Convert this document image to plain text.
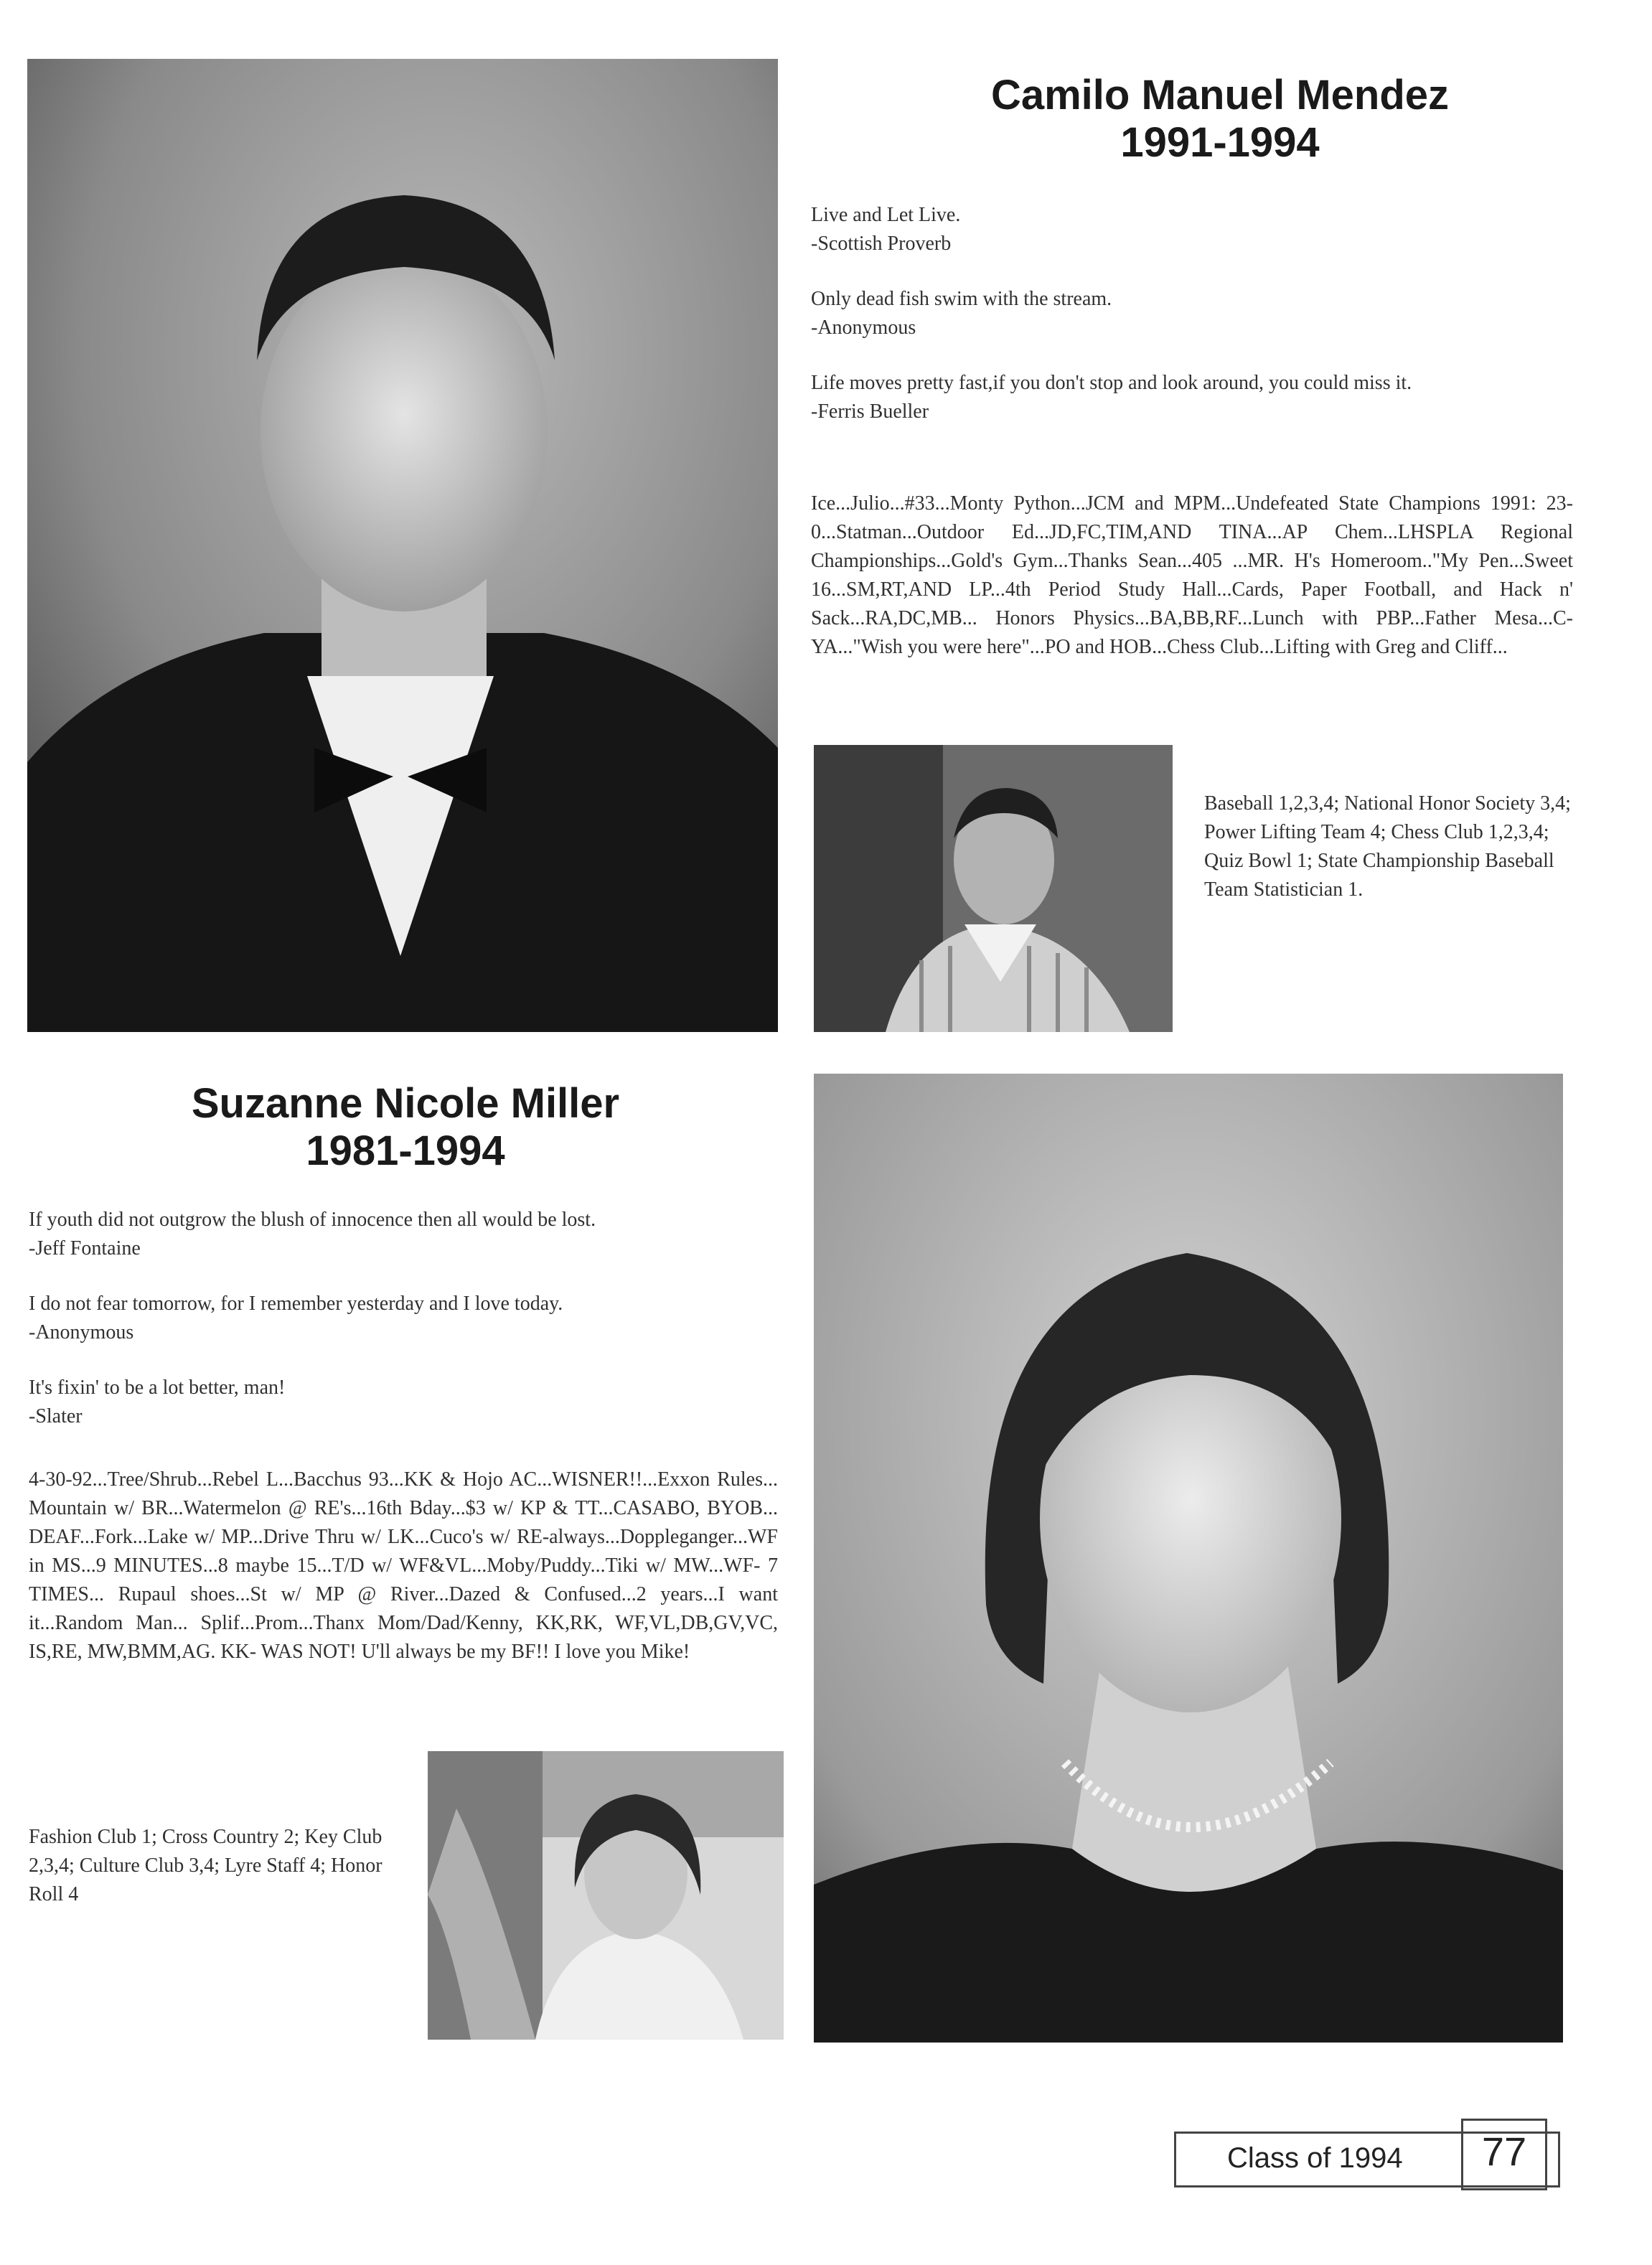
Camilo Manuel Mendez
1991-1994
Live and Let Live.
-Scottish Proverb
Only dead fish swim with the stream.
-Anonymous
Life moves pretty fast,if you don't stop and look around, you could miss it.
-Ferris Bueller
Ice...Julio...#33...Monty Python...JCM and MPM...Undefeated State Champions 1991: 23-0...Statman...Outdoor Ed...JD,FC,TIM,AND TINA...AP Chem...LHSPLA Regional Championships...Gold's Gym...Thanks Sean...405 ...MR. H's Homeroom.."My Pen...Sweet 16...SM,RT,AND LP...4th Period Study Hall...Cards, Paper Football, and Hack n' Sack...RA,DC,MB... Honors Physics...BA,BB,RF...Lunch with PBP...Father Mesa...C-YA..."Wish you were here"...PO and HOB...Chess Club...Lifting with Greg and Cliff...
Baseball 1,2,3,4; National Honor Society 3,4; Power Lifting Team 4; Chess Club 1,2,3,4; Quiz Bowl 1; State Championship Baseball Team Statistician 1.
Suzanne Nicole Miller
1981-1994
If youth did not outgrow the blush of innocence then all would be lost.
-Jeff Fontaine
I do not fear tomorrow, for I remember yesterday and I love today.
-Anonymous
It's fixin' to be a lot better, man!
-Slater
4-30-92...Tree/Shrub...Rebel L...Bacchus 93...KK & Hojo AC...WISNER!!...Exxon Rules... Mountain w/ BR...Watermelon @ RE's...16th Bday...$3 w/ KP & TT...CASABO, BYOB... DEAF...Fork...Lake w/ MP...Drive Thru w/ LK...Cuco's w/ RE-always...Doppleganger...WF in MS...9 MINUTES...8 maybe 15...T/D w/ WF&VL...Moby/Puddy...Tiki w/ MW...WF- 7 TIMES... Rupaul shoes...St w/ MP @ River...Dazed & Confused...2 years...I want it...Random Man... Splif...Prom...Thanx Mom/Dad/Kenny, KK,RK, WF,VL,DB,GV,VC, IS,RE, MW,BMM,AG. KK- WAS NOT! U'll always be my BF!! I love you Mike!
Fashion Club 1; Cross Country 2; Key Club 2,3,4; Culture Club 3,4; Lyre Staff 4; Honor Roll 4
Class of 1994	77
